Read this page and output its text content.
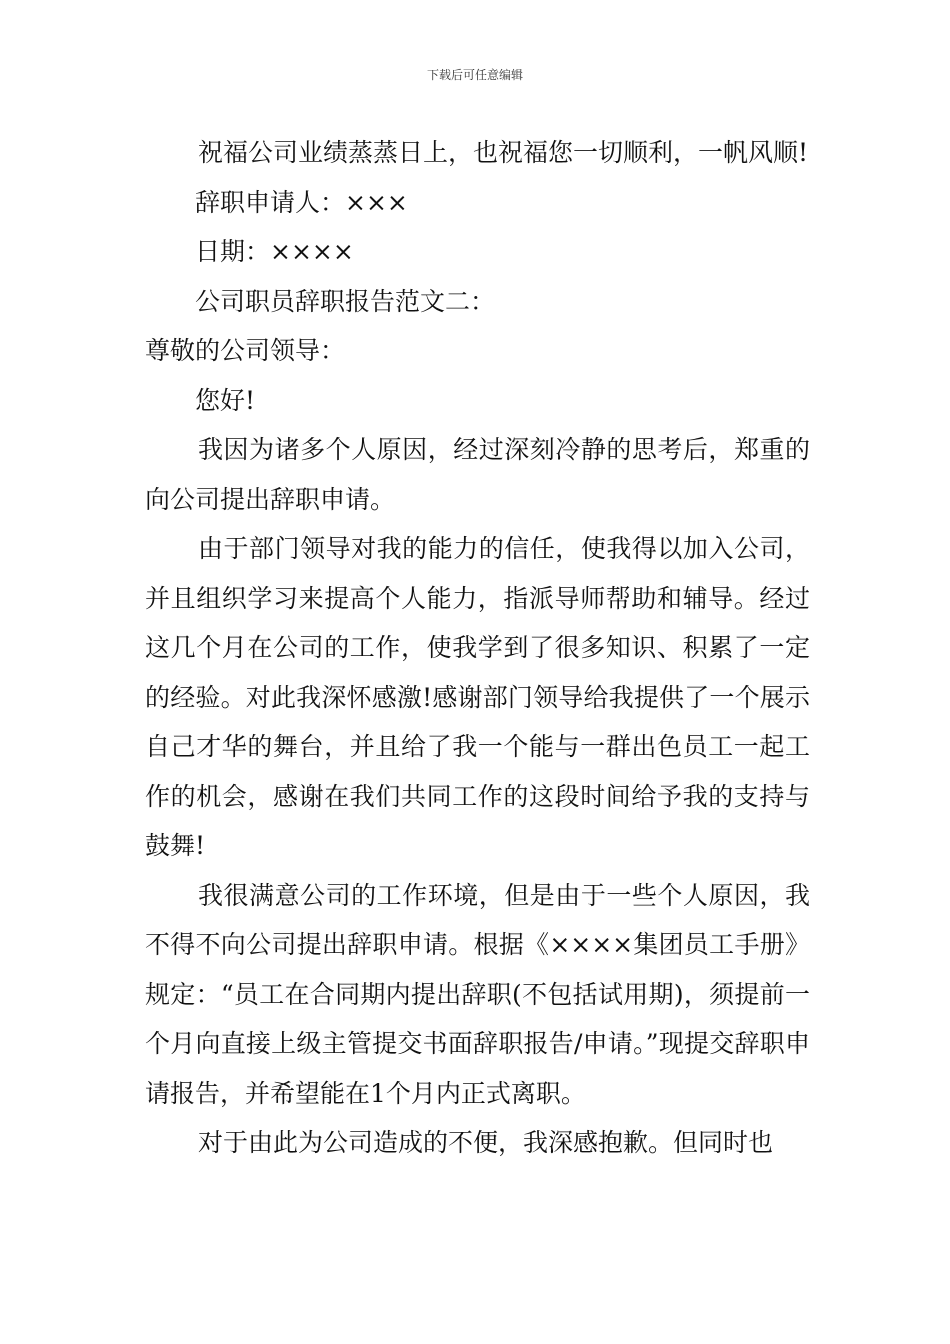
下载后可任意编辑

祝福公司业绩蒸蒸日上，也祝福您一切顺利，一帆风顺!

辞职申请人：×××

日期：××××

公司职员辞职报告范文二：

尊敬的公司领导：

您好!

我因为诸多个人原因，经过深刻冷静的思考后，郑重的向公司提出辞职申请。

由于部门领导对我的能力的信任，使我得以加入公司，并且组织学习来提高个人能力，指派导师帮助和辅导。经过这几个月在公司的工作，使我学到了很多知识、积累了一定的经验。对此我深怀感激!感谢部门领导给我提供了一个展示自己才华的舞台，并且给了我一个能与一群出色员工一起工作的机会，感谢在我们共同工作的这段时间给予我的支持与鼓舞!

我很满意公司的工作环境，但是由于一些个人原因，我不得不向公司提出辞职申请。根据《××××集团员工手册》规定：“员工在合同期内提出辞职(不包括试用期)，须提前一个月向直接上级主管提交书面辞职报告/申请。”现提交辞职申请报告，并希望能在1个月内正式离职。

对于由此为公司造成的不便，我深感抱歉。但同时也
